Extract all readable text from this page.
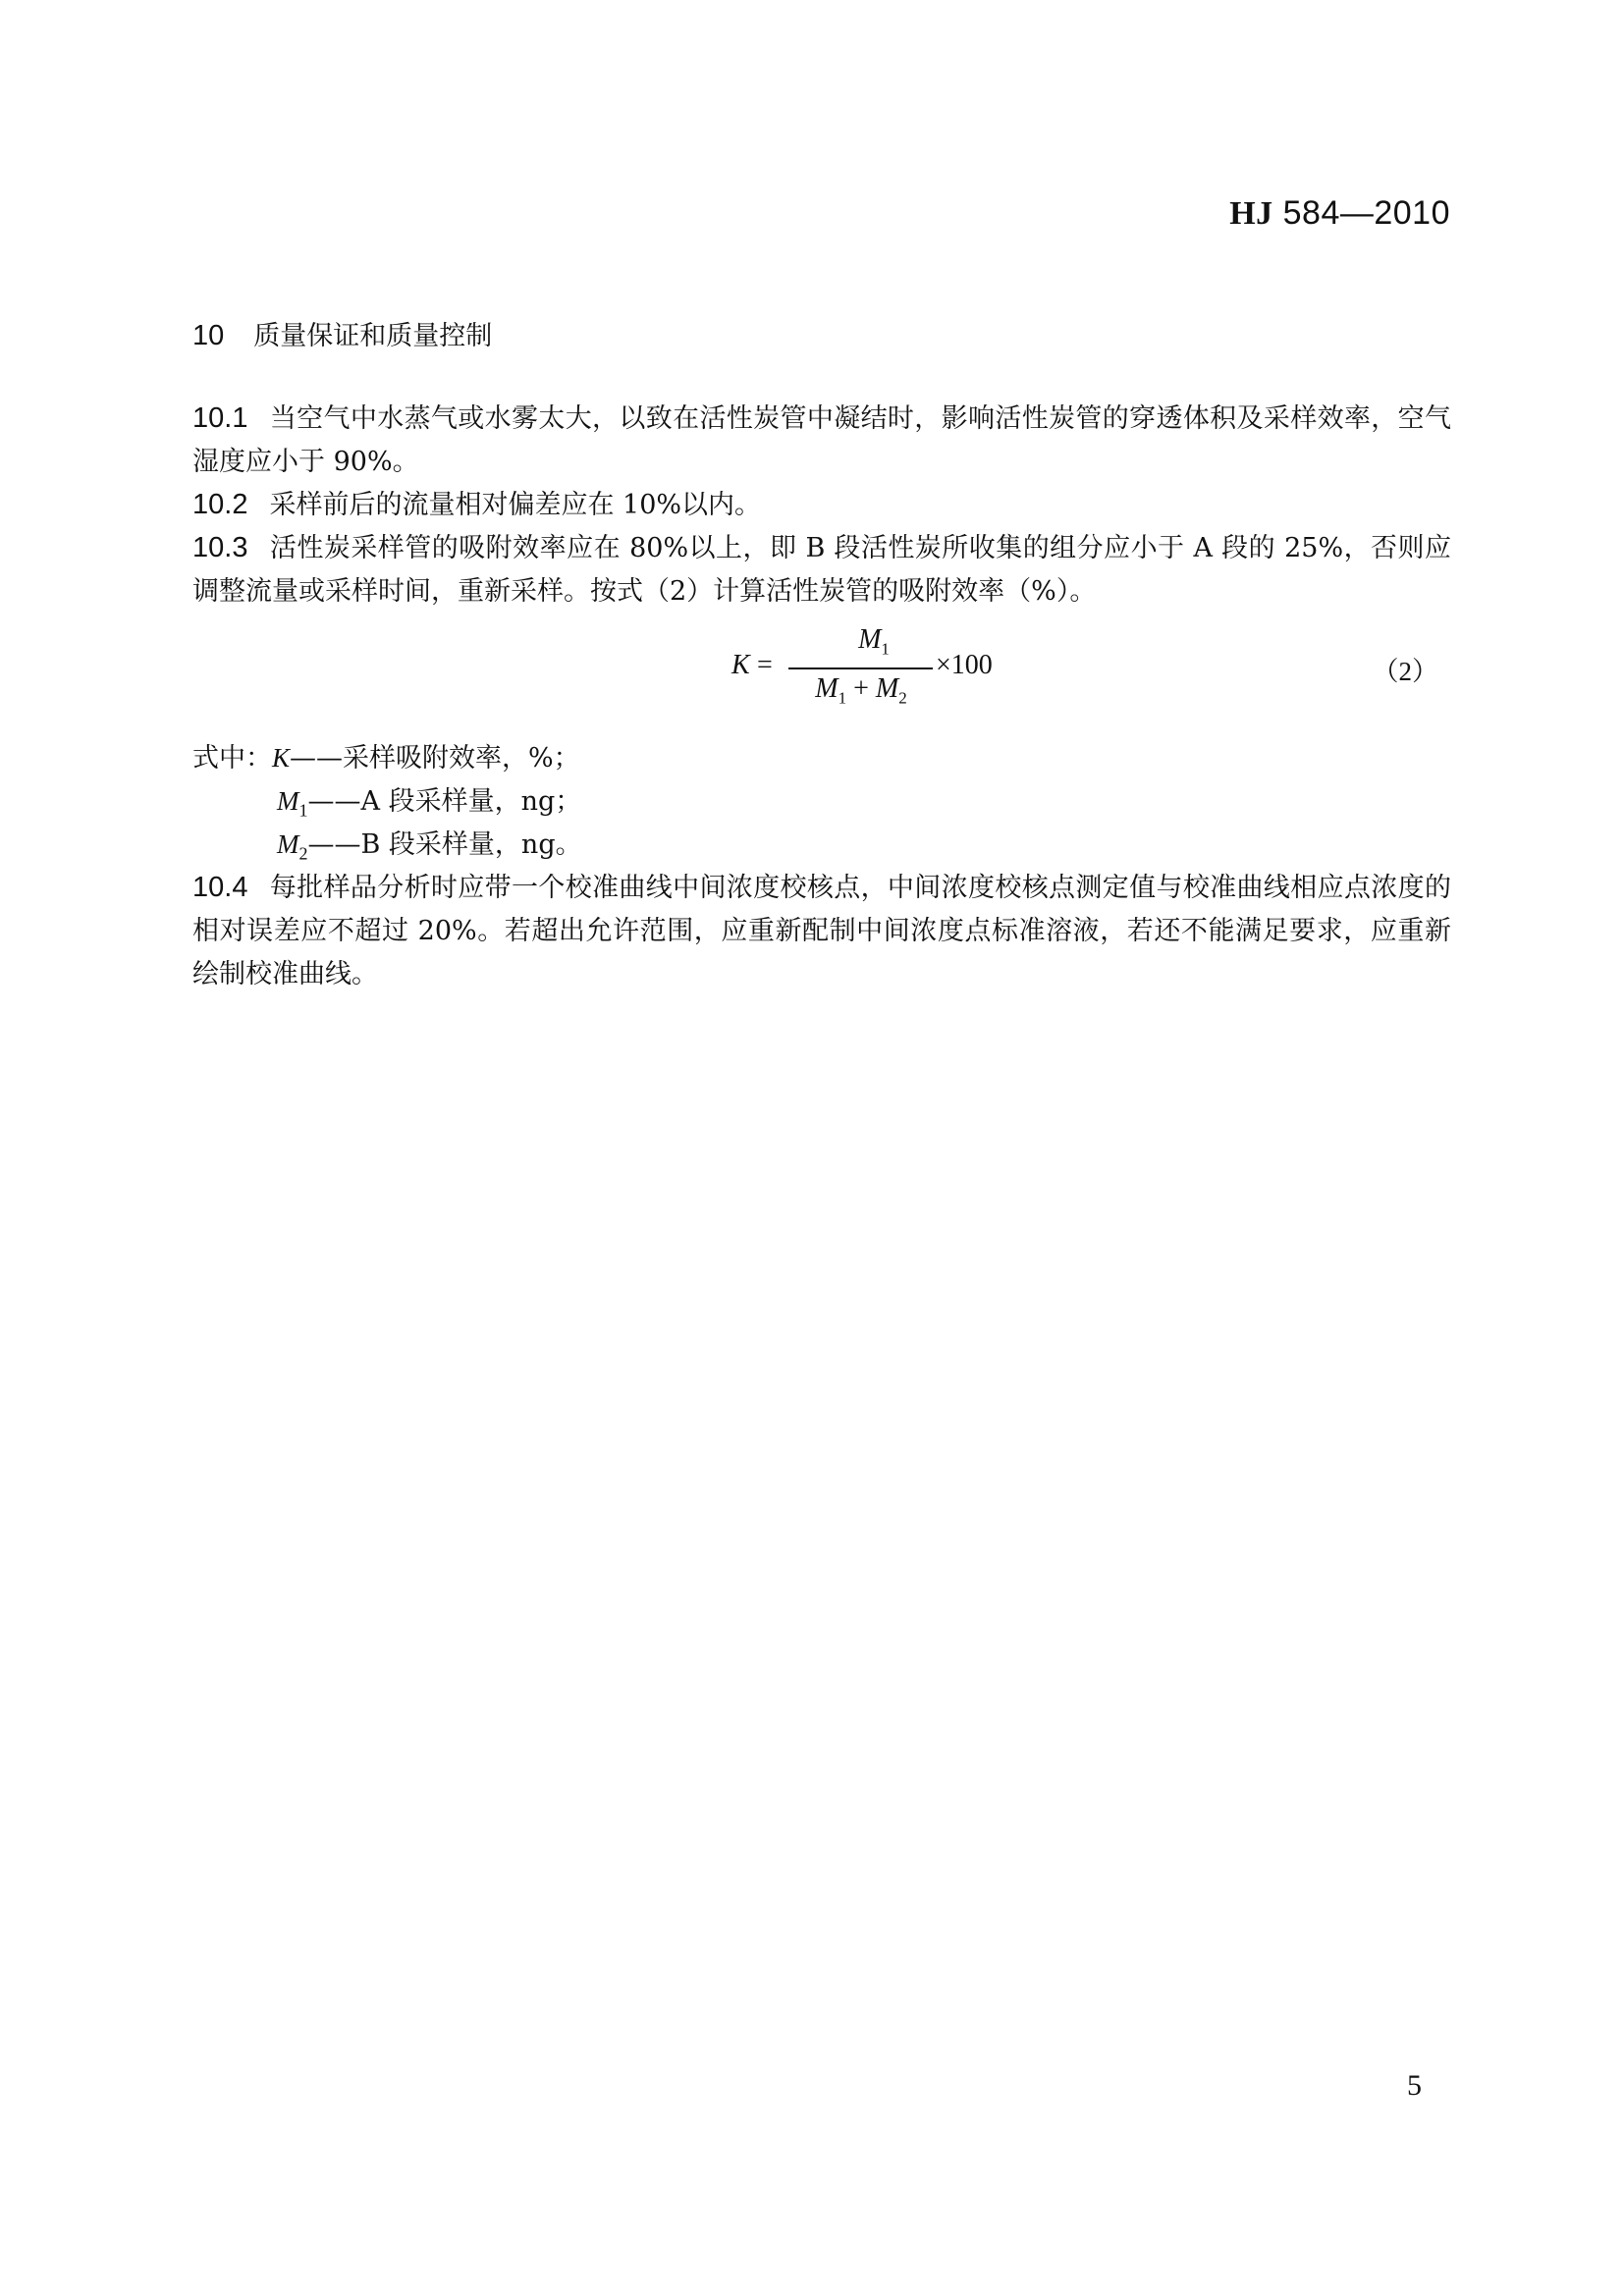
HJ 584—2010
10 质量保证和质量控制
10.1 当空气中水蒸气或水雾太大，以致在活性炭管中凝结时，影响活性炭管的穿透体积及采样效率，空气湿度应小于 90%。
10.2 采样前后的流量相对偏差应在 10%以内。
10.3 活性炭采样管的吸附效率应在 80%以上，即 B 段活性炭所收集的组分应小于 A 段的 25%，否则应调整流量或采样时间，重新采样。按式（2）计算活性炭管的吸附效率（%）。
K =
$M_1$
$M_1 + M_2$
×100	（2）
式中：K——采样吸附效率，%；
$M_1——A$ 段采样量，ng；
$M_2——B$ 段采样量，ng。
10.4 每批样品分析时应带一个校准曲线中间浓度校核点，中间浓度校核点测定值与校准曲线相应点浓度的相对误差应不超过 20%。若超出允许范围，应重新配制中间浓度点标准溶液，若还不能满足要求，应重新绘制校准曲线。
5
